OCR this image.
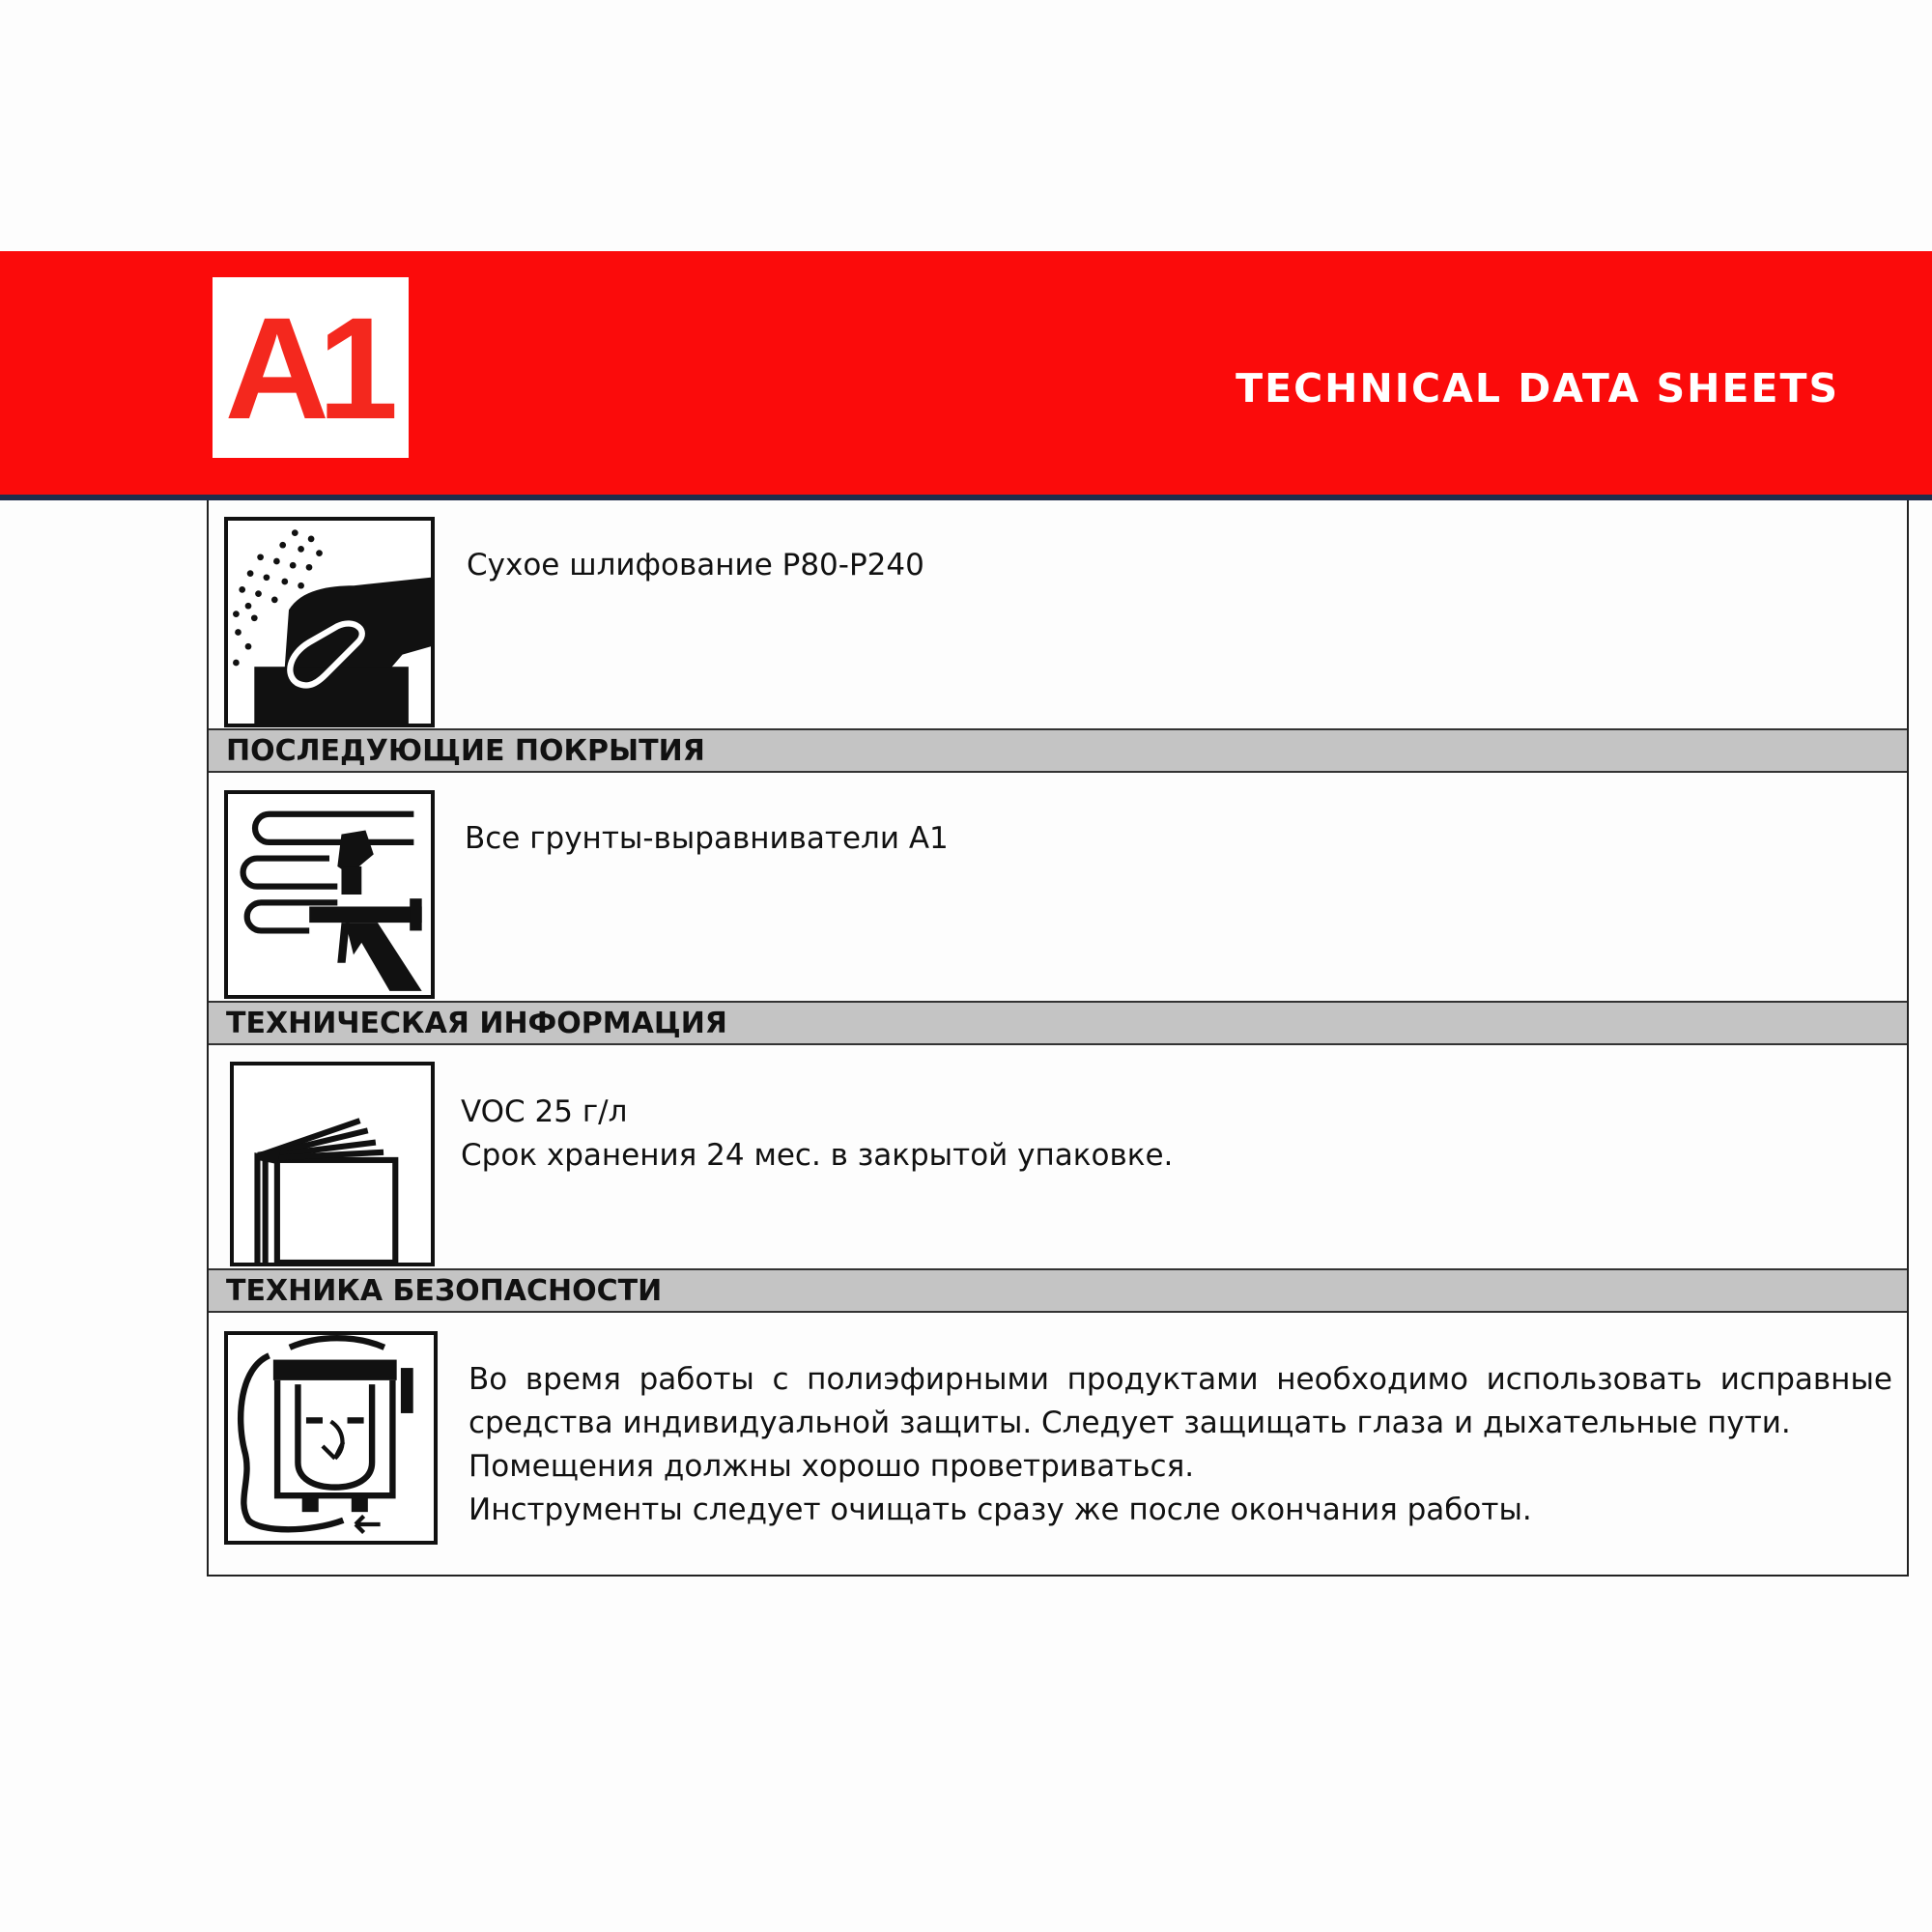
A1	TECHNICAL DATA SHEETS
Сухое шлифование P80-P240
ПОСЛЕДУЮЩИЕ ПОКРЫТИЯ
Все грунты-выравниватели A1
ТЕХНИЧЕСКАЯ ИНФОРМАЦИЯ
VOC 25 г/л
Срок хранения 24 мес. в закрытой упаковке.
ТЕХНИКА БЕЗОПАСНОСТИ
Во время работы с полиэфирными продуктами необходимо использовать исправные средства индивидуальной защиты. Следует защищать глаза и дыхательные пути.
Помещения должны хорошо проветриваться.
Инструменты следует очищать сразу же после окончания работы.
